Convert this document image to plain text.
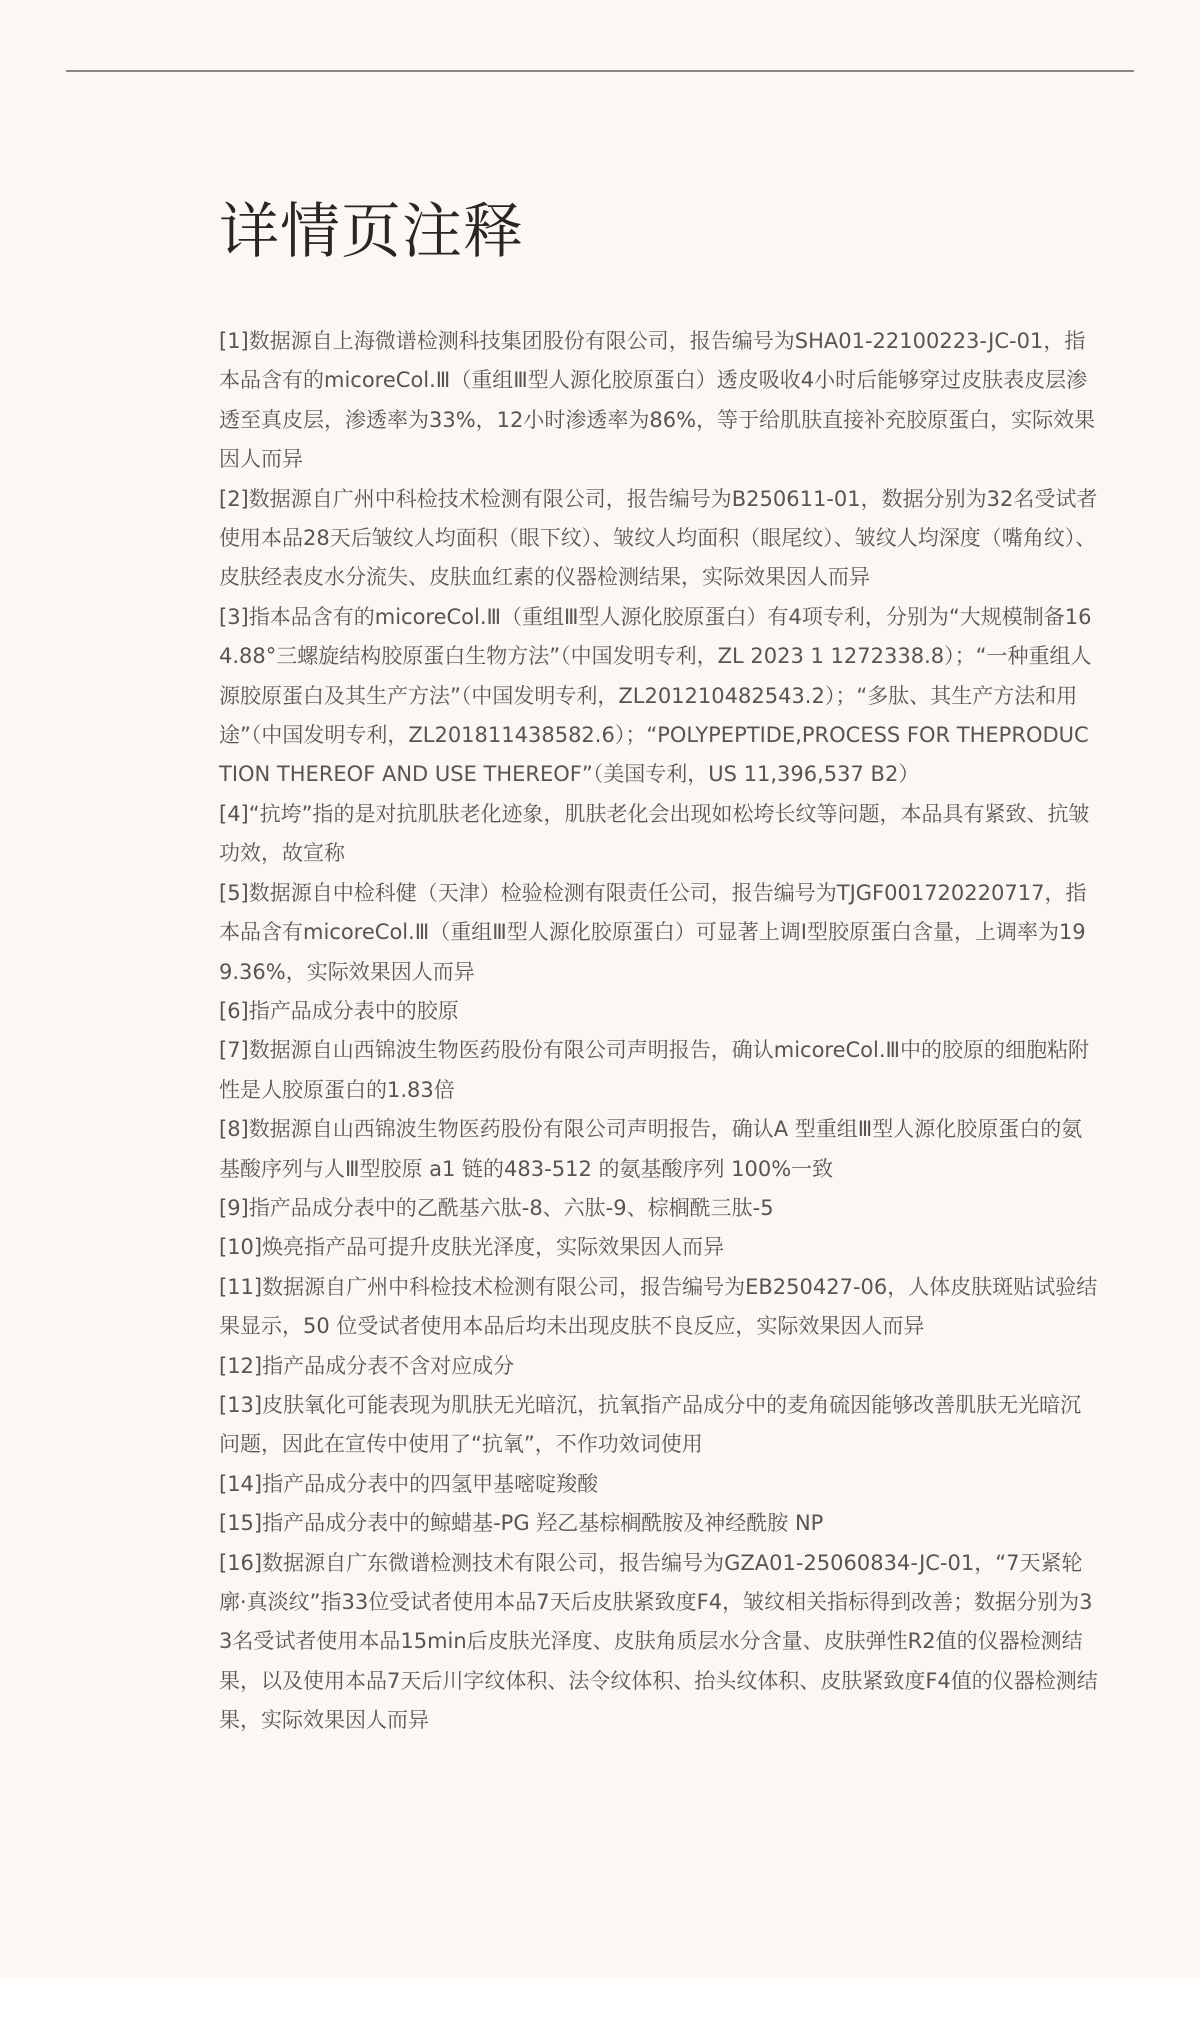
详情页注释
[1]数据源自上海微谱检测科技集团股份有限公司，报告编号为SHA01-22100223-JC-01，指本品含有的micoreCol.Ⅲ（重组Ⅲ型人源化胶原蛋白）透皮吸收4小时后能够穿过皮肤表皮层渗透至真皮层，渗透率为33%，12小时渗透率为86%，等于给肌肤直接补充胶原蛋白，实际效果因人而异
[2]数据源自广州中科检技术检测有限公司，报告编号为B250611-01，数据分别为32名受试者使用本品28天后皱纹人均面积（眼下纹）、皱纹人均面积（眼尾纹）、皱纹人均深度（嘴角纹）、皮肤经表皮水分流失、皮肤血红素的仪器检测结果，实际效果因人而异
[3]指本品含有的micoreCol.Ⅲ（重组Ⅲ型人源化胶原蛋白）有4项专利，分别为“大规模制备164.88°三螺旋结构胶原蛋白生物方法”（中国发明专利，ZL 2023 1 1272338.8）；“一种重组人源胶原蛋白及其生产方法”（中国发明专利，ZL201210482543.2）；“多肽、其生产方法和用途”（中国发明专利，ZL201811438582.6）；“POLYPEPTIDE,PROCESS FOR THEPRODUCTION THEREOF AND USE THEREOF”（美国专利，US 11,396,537 B2）
[4]“抗垮”指的是对抗肌肤老化迹象，肌肤老化会出现如松垮长纹等问题，本品具有紧致、抗皱功效，故宣称
[5]数据源自中检科健（天津）检验检测有限责任公司，报告编号为TJGF001720220717，指本品含有micoreCol.Ⅲ（重组Ⅲ型人源化胶原蛋白）可显著上调Ⅰ型胶原蛋白含量，上调率为199.36%，实际效果因人而异
[6]指产品成分表中的胶原
[7]数据源自山西锦波生物医药股份有限公司声明报告，确认micoreCol.Ⅲ中的胶原的细胞粘附性是人胶原蛋白的1.83倍
[8]数据源自山西锦波生物医药股份有限公司声明报告，确认A 型重组Ⅲ型人源化胶原蛋白的氨基酸序列与人Ⅲ型胶原 a1 链的483-512 的氨基酸序列 100%一致
[9]指产品成分表中的乙酰基六肽-8、六肽-9、棕榈酰三肽-5
[10]焕亮指产品可提升皮肤光泽度，实际效果因人而异
[11]数据源自广州中科检技术检测有限公司，报告编号为EB250427-06，人体皮肤斑贴试验结果显示，50 位受试者使用本品后均未出现皮肤不良反应，实际效果因人而异
[12]指产品成分表不含对应成分
[13]皮肤氧化可能表现为肌肤无光暗沉，抗氧指产品成分中的麦角硫因能够改善肌肤无光暗沉问题，因此在宣传中使用了“抗氧”，不作功效词使用
[14]指产品成分表中的四氢甲基嘧啶羧酸
[15]指产品成分表中的鲸蜡基-PG 羟乙基棕榈酰胺及神经酰胺 NP
[16]数据源自广东微谱检测技术有限公司，报告编号为GZA01-25060834-JC-01，“7天紧轮廓·真淡纹”指33位受试者使用本品7天后皮肤紧致度F4，皱纹相关指标得到改善；数据分别为33名受试者使用本品15min后皮肤光泽度、皮肤角质层水分含量、皮肤弹性R2值的仪器检测结果，以及使用本品7天后川字纹体积、法令纹体积、抬头纹体积、皮肤紧致度F4值的仪器检测结果，实际效果因人而异
